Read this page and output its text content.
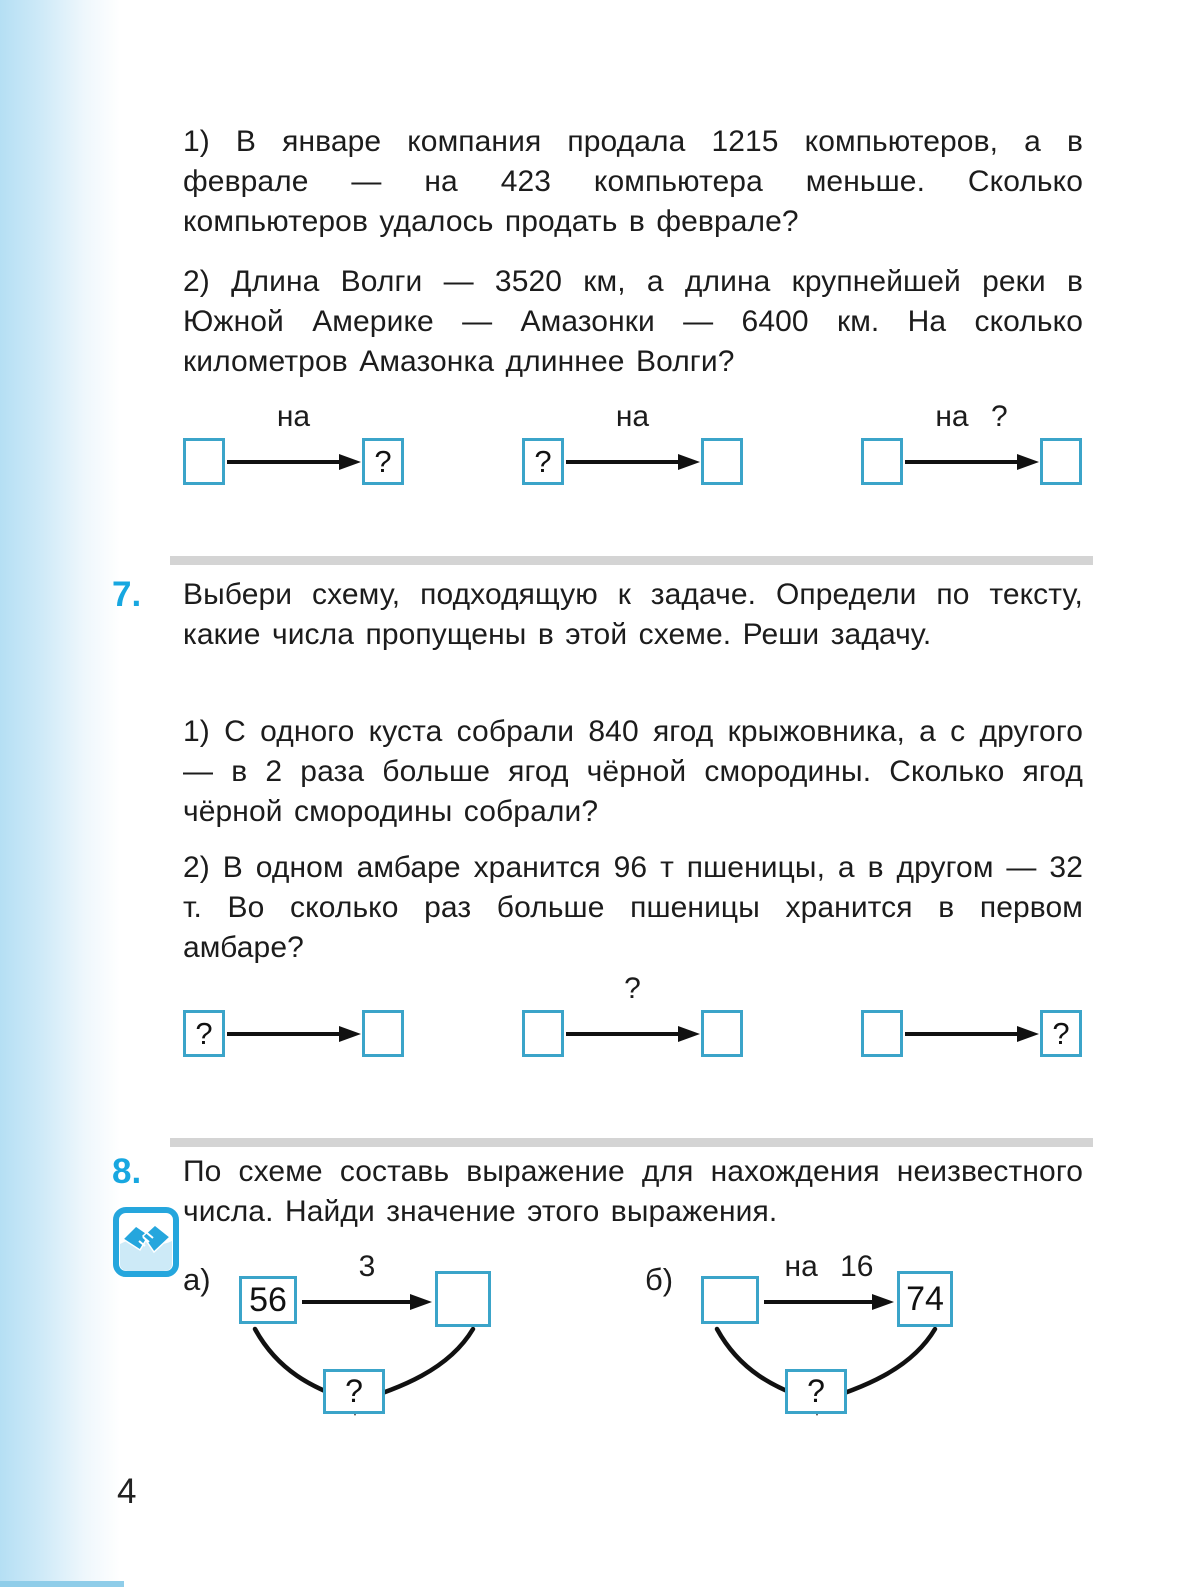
1) В январе компания продала 1215 компьютеров, а в феврале — на 423 компьютера меньше. Сколько компьютеров удалось продать в феврале?

2) Длина Волги — 3520 км, а длина крупнейшей реки в Южной Америке — Амазонки — 6400 км. На сколько километров Амазонка длиннее Волги?

на
?	?
на	на ?
7.	Выбери схему, подходящую к задаче. Определи по тексту, какие числа пропущены в этой схеме. Реши задачу.

1) С одного куста собрали 840 ягод крыжовника, а с другого — в 2 раза больше ягод чёрной смородины. Сколько ягод чёрной смородины собрали?

2) В одном амбаре хранится 96 т пшеницы, а в другом — 32 т. Во сколько раз больше пшеницы хранится в первом амбаре?

?
?
?
8.	По схеме составь выражение для нахождения неизвестного числа. Найди значение этого выражения.

а)
56
3
?
б)	на 16
?
74
4
